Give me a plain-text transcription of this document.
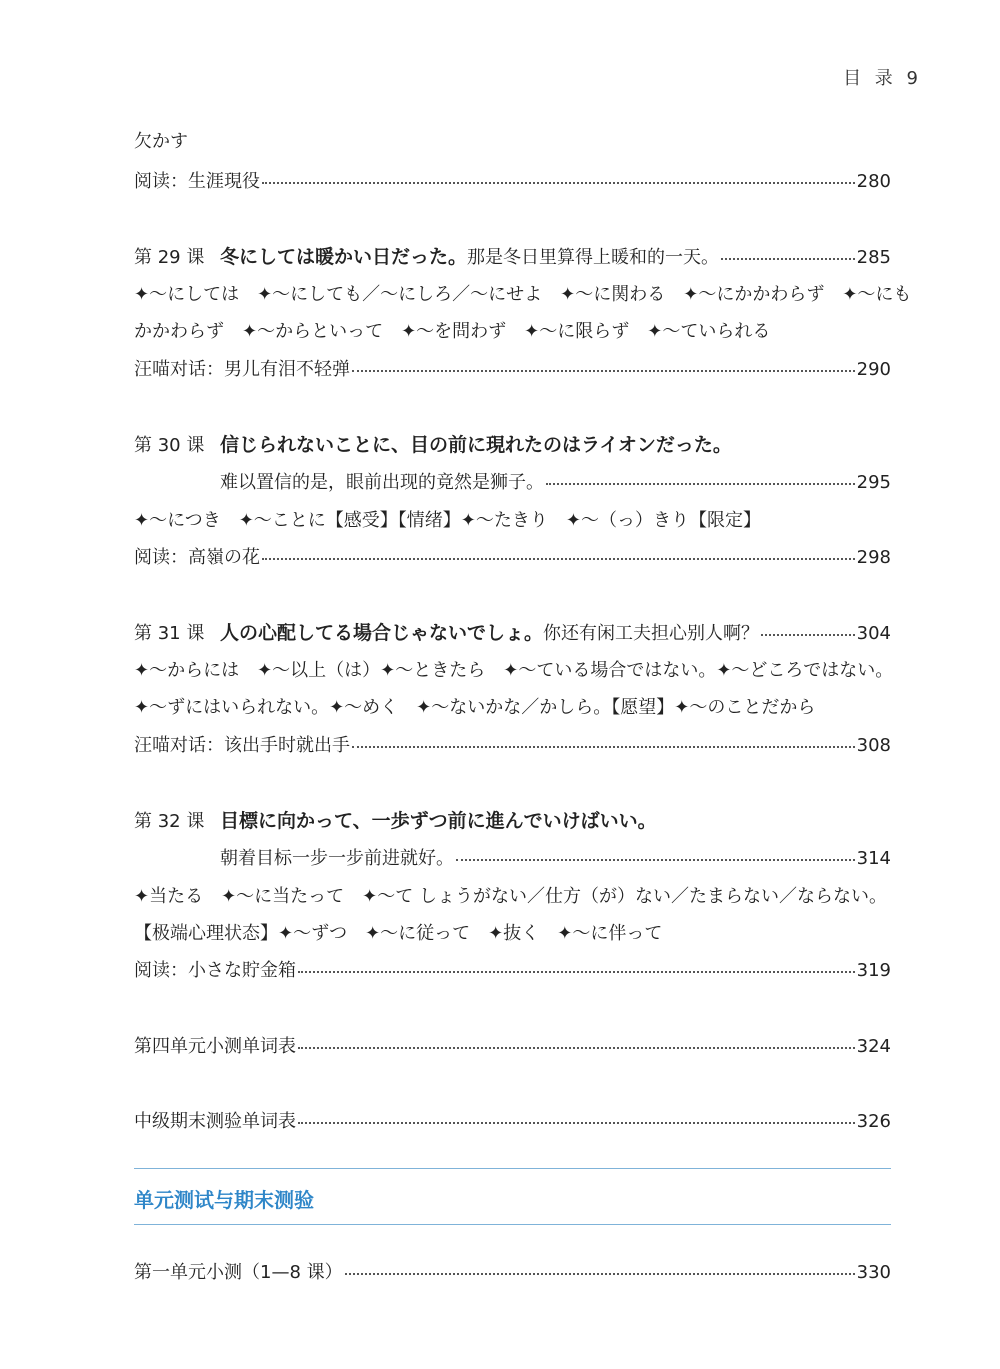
目 录 9
欠かす
阅读：生涯現役	280
第 29 课 冬にしては暖かい日だった。那是冬日里算得上暖和的一天。	285
✦～にしては　✦～にしても／～にしろ／～にせよ　✦～に関わる　✦～にかかわらず　✦～にも
かかわらず　✦～からといって　✦～を問わず　✦～に限らず　✦～ていられる
汪喵对话：男儿有泪不轻弹	290
第 30 课 信じられないことに、目の前に現れたのはライオンだった。
难以置信的是，眼前出现的竟然是狮子。	295
✦～につき　✦～ことに【感受】【情绪】✦～たきり　✦～（っ）きり【限定】
阅读：高嶺の花	298
第 31 课 人の心配してる場合じゃないでしょ。你还有闲工夫担心别人啊？	304
✦～からには　✦～以上（は）✦～ときたら　✦～ている場合ではない。✦～どころではない。
✦～ずにはいられない。✦～めく　✦～ないかな／かしら。【愿望】✦～のことだから
汪喵对话：该出手时就出手	308
第 32 课 目標に向かって、一歩ずつ前に進んでいけばいい。
朝着目标一步一步前进就好。	314
✦当たる　✦～に当たって　✦～て しょうがない／仕方（が）ない／たまらない／ならない。
【极端心理状态】✦～ずつ　✦～に従って　✦抜く　✦～に伴って
阅读：小さな貯金箱	319
第四单元小测单词表	324
中级期末测验单词表	326
单元测试与期末测验
第一单元小测（1—8 课）	330
